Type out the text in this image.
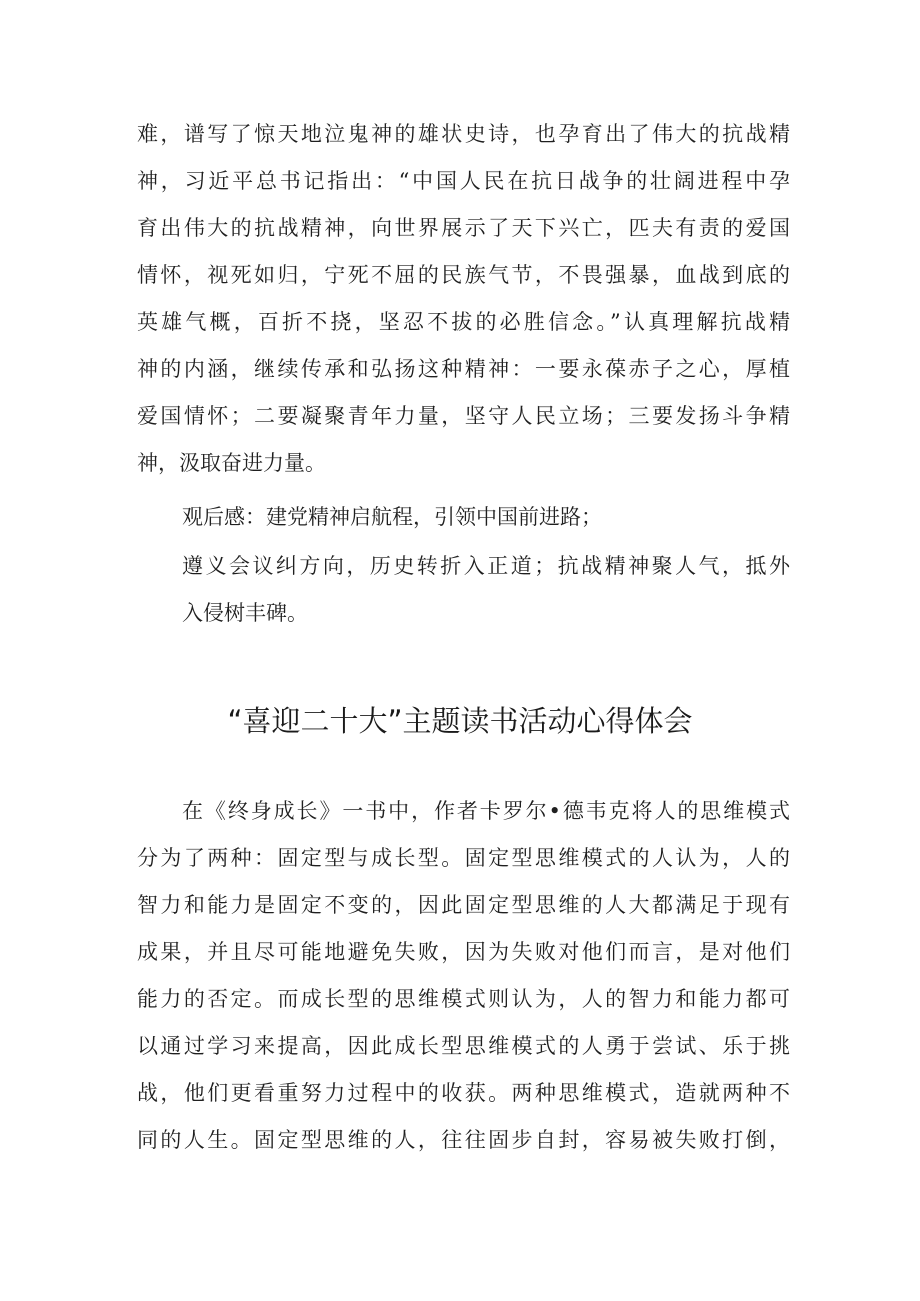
难，谱写了惊天地泣鬼神的雄状史诗，也孕育出了伟大的抗战精
神，习近平总书记指出：“中国人民在抗日战争的壮阔进程中孕
育出伟大的抗战精神，向世界展示了天下兴亡，匹夫有责的爱国
情怀，视死如归，宁死不屈的民族气节，不畏强暴，血战到底的
英雄气概，百折不挠，坚忍不拔的必胜信念。”认真理解抗战精
神的内涵，继续传承和弘扬这种精神：一要永葆赤子之心，厚植
爱国情怀；二要凝聚青年力量，坚守人民立场；三要发扬斗争精
神，汲取奋进力量。
观后感：建党精神启航程，引领中国前进路；
遵义会议纠方向，历史转折入正道；抗战精神聚人气，抵外
入侵树丰碑。
“喜迎二十大”主题读书活动心得体会
在《终身成长》一书中，作者卡罗尔•德韦克将人的思维模式
分为了两种：固定型与成长型。固定型思维模式的人认为，人的
智力和能力是固定不变的，因此固定型思维的人大都满足于现有
成果，并且尽可能地避免失败，因为失败对他们而言，是对他们
能力的否定。而成长型的思维模式则认为，人的智力和能力都可
以通过学习来提高，因此成长型思维模式的人勇于尝试、乐于挑
战，他们更看重努力过程中的收获。两种思维模式，造就两种不
同的人生。固定型思维的人，往往固步自封，容易被失败打倒，
